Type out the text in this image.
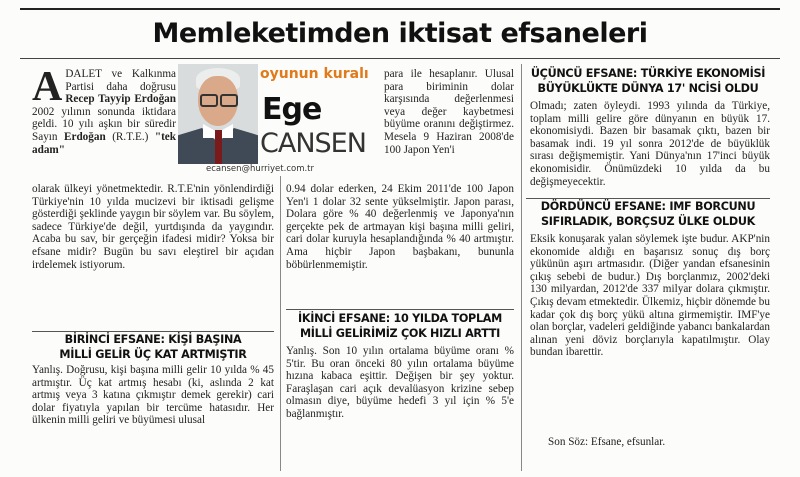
Memleketimden iktisat efsaneleri
ADALET ve Kalkınma Partisi daha doğrusu Recep Tayyip Erdoğan 2002 yılının sonunda iktidara geldi. 10 yılı aşkın bir süredir Sayın Erdoğan (R.T.E.) "tek adam"
olarak ülkeyi yönetmektedir. R.T.E'nin yönlendirdiği Türkiye'nin 10 yılda mucizevi bir iktisadi gelişme gösterdiği şeklinde yaygın bir söylem var. Bu söylem, sadece Türkiye'de değil, yurtdışında da yaygındır. Acaba bu sav, bir gerçeğin ifadesi midir? Yoksa bir efsane midir? Bugün bu savı eleştirel bir açıdan irdelemek istiyorum.
oyunun kuralı
Ege
CANSEN
ecansen@hurriyet.com.tr
BİRİNCİ EFSANE: KİŞİ BAŞINA
MİLLİ GELİR ÜÇ KAT ARTMIŞTIR
Yanlış. Doğrusu, kişi başına milli gelir 10 yılda % 45 artmıştır. Üç kat artmış hesabı (ki, aslında 2 kat artmış veya 3 katına çıkmıştır demek gerekir) cari dolar fiyatıyla yapılan bir tercüme hatasıdır. Her ülkenin milli geliri ve büyümesi ulusal
para ile hesaplanır. Ulusal para biriminin dolar karşısında değerlenmesi veya değer kaybetmesi büyüme oranını değiştirmez. Mesela 9 Haziran 2008'de 100 Japon Yen'i
0.94 dolar ederken, 24 Ekim 2011'de 100 Japon Yen'i 1 dolar 32 sente yükselmiştir. Japon parası, Dolara göre % 40 değerlenmiş ve Japonya'nın gerçekte pek de artmayan kişi başına milli geliri, cari dolar kuruyla hesaplandığında % 40 artmıştır. Ama hiçbir Japon başbakanı, bununla böbürlenmemiştir.
İKİNCİ EFSANE: 10 YILDA TOPLAM
MİLLİ GELİRİMİZ ÇOK HIZLI ARTTI
Yanlış. Son 10 yılın ortalama büyüme oranı % 5'tir. Bu oran önceki 80 yılın ortalama büyüme hızına kabaca eşittir. Değişen bir şey yoktur. Faraşlaşan cari açık devalüasyon krizine sebep olmasın diye, büyüme hedefi 3 yıl için % 5'e bağlanmıştır.
ÜÇÜNCÜ EFSANE: TÜRKİYE EKONOMİSİ
BÜYÜKLÜKTE DÜNYA 17' NCİSİ OLDU
Olmadı; zaten öyleydi. 1993 yılında da Türkiye, toplam milli gelire göre dünyanın en büyük 17. ekonomisiydi. Bazen bir basamak çıktı, bazen bir basamak indi. 19 yıl sonra 2012'de de büyüklük sırası değişmemiştir. Yani Dünya'nın 17'inci büyük ekonomisidir. Önümüzdeki 10 yılda da bu değişmeyecektir.
DÖRDÜNCÜ EFSANE: IMF BORCUNU
SIFIRLADIK, BORÇSUZ ÜLKE OLDUK
Eksik konuşarak yalan söylemek işte budur. AKP'nin ekonomide aldığı en başarısız sonuç dış borç yükünün aşırı artmasıdır. (Diğer yandan efsanesinin çıkış sebebi de budur.) Dış borçlanmız, 2002'deki 130 milyardan, 2012'de 337 milyar dolara çıkmıştır. Çıkış devam etmektedir. Ülkemiz, hiçbir dönemde bu kadar çok dış borç yükü altına girmemiştir. IMF'ye olan borçlar, vadeleri geldiğinde yabancı bankalardan alınan yeni döviz borçlarıyla kapatılmıştır. Olay bundan ibarettir.
Son Söz: Efsane, efsunlar.
